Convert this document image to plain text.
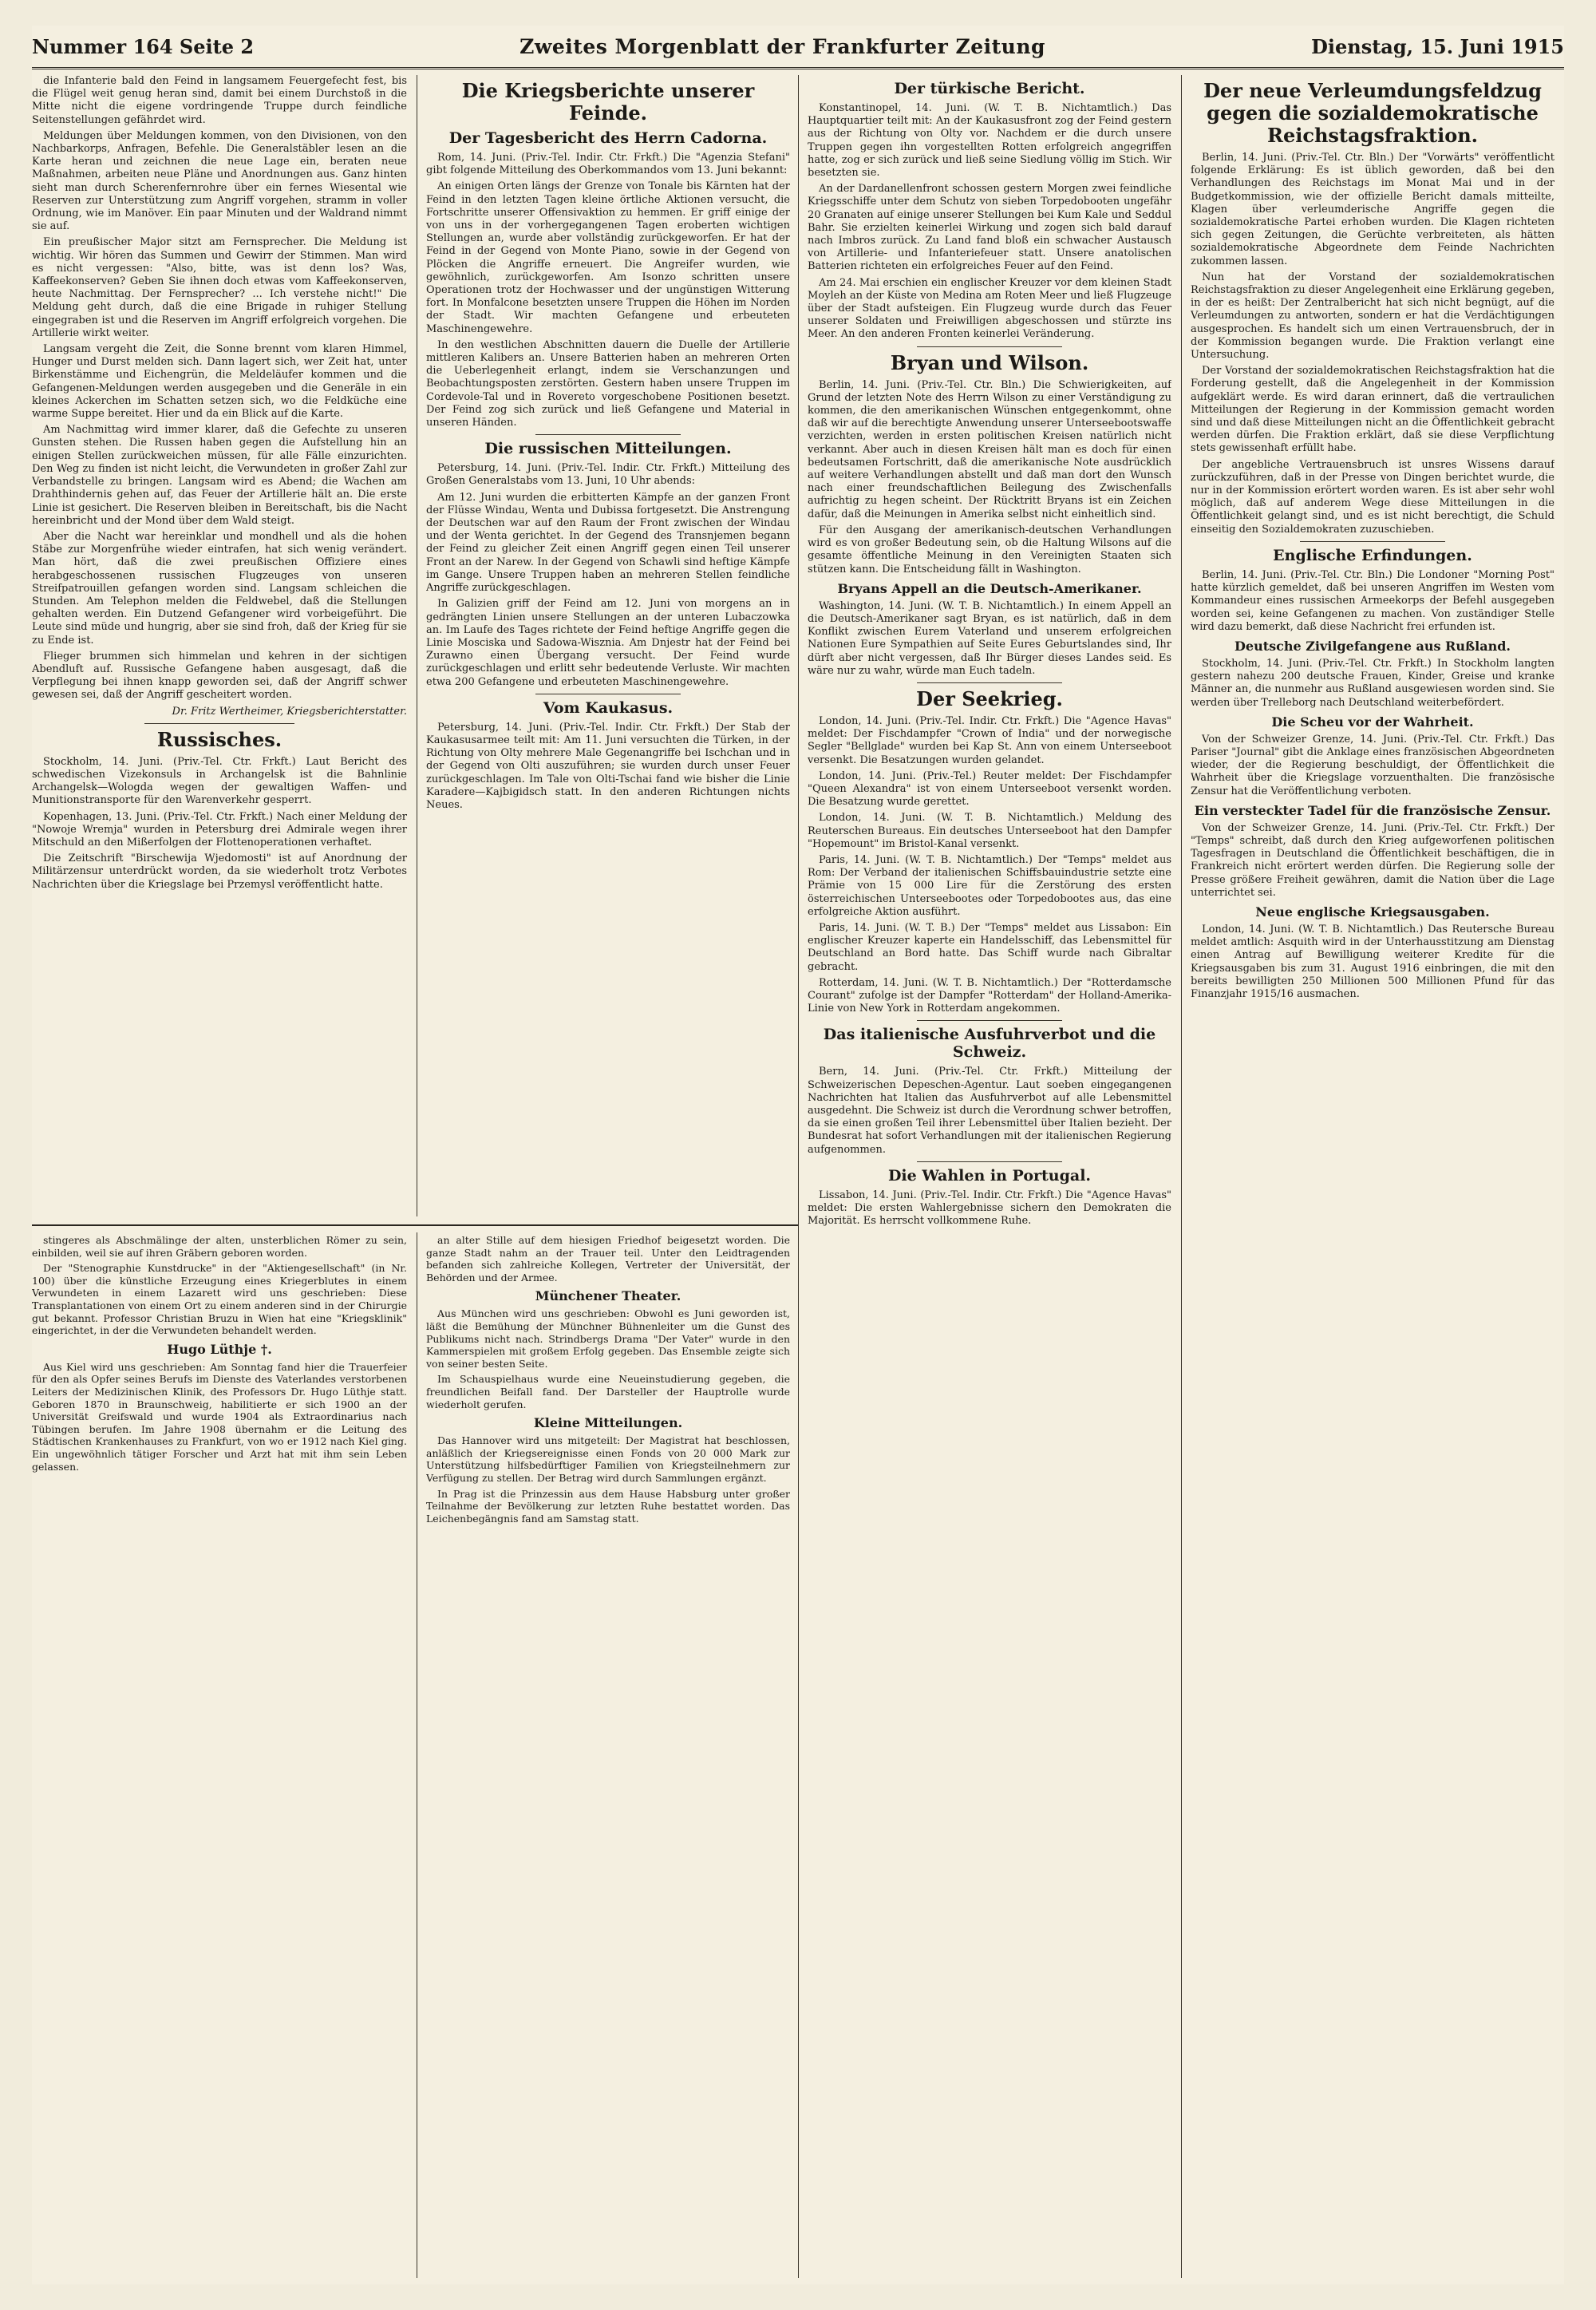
Nummer 164 Seite 2	Zweites Morgenblatt der Frankfurter Zeitung	Dienstag, 15. Juni 1915

die Infanterie bald den Feind in langsamem Feuergefecht fest, bis die Flügel weit genug heran sind, damit bei einem Durchstoß in die Mitte nicht die eigene vordringende Truppe durch feindliche Seitenstellungen gefährdet wird.

Meldungen über Meldungen kommen, von den Divisionen, von den Nachbarkorps, Anfragen, Befehle. Die Generalstäbler lesen an die Karte heran und zeichnen die neue Lage ein, beraten neue Maßnahmen, arbeiten neue Pläne und Anordnungen aus. Ganz hinten sieht man durch Scherenfernrohre über ein fernes Wiesental wie Reserven zur Unterstützung zum Angriff vorgehen, stramm in voller Ordnung, wie im Manöver. Ein paar Minuten und der Waldrand nimmt sie auf.

Ein preußischer Major sitzt am Fernsprecher. Die Meldung ist wichtig. Wir hören das Summen und Gewirr der Stimmen. Man wird es nicht vergessen: "Also, bitte, was ist denn los? Was, Kaffeekonserven? Geben Sie ihnen doch etwas vom Kaffeekonserven, heute Nachmittag. Der Fernsprecher? ... Ich verstehe nicht!" Die Meldung geht durch, daß die eine Brigade in ruhiger Stellung eingegraben ist und die Reserven im Angriff erfolgreich vorgehen. Die Artillerie wirkt weiter.

Langsam vergeht die Zeit, die Sonne brennt vom klaren Himmel, Hunger und Durst melden sich. Dann lagert sich, wer Zeit hat, unter Birkenstämme und Eichengrün, die Meldeläufer kommen und die Gefangenen-Meldungen werden ausgegeben und die Generäle in ein kleines Ackerchen im Schatten setzen sich, wo die Feldküche eine warme Suppe bereitet. Hier und da ein Blick auf die Karte.

Am Nachmittag wird immer klarer, daß die Gefechte zu unseren Gunsten stehen. Die Russen haben gegen die Aufstellung hin an einigen Stellen zurückweichen müssen, für alle Fälle einzurichten. Den Weg zu finden ist nicht leicht, die Verwundeten in großer Zahl zur Verbandstelle zu bringen. Langsam wird es Abend; die Wachen am Drahthindernis gehen auf, das Feuer der Artillerie hält an. Die erste Linie ist gesichert. Die Reserven bleiben in Bereitschaft, bis die Nacht hereinbricht und der Mond über dem Wald steigt.

Aber die Nacht war hereinklar und mondhell und als die hohen Stäbe zur Morgenfrühe wieder eintrafen, hat sich wenig verändert. Man hört, daß die zwei preußischen Offiziere eines herabgeschossenen russischen Flugzeuges von unseren Streifpatrouillen gefangen worden sind. Langsam schleichen die Stunden. Am Telephon melden die Feldwebel, daß die Stellungen gehalten werden. Ein Dutzend Gefangener wird vorbeigeführt. Die Leute sind müde und hungrig, aber sie sind froh, daß der Krieg für sie zu Ende ist.

Flieger brummen sich himmelan und kehren in der sichtigen Abendluft auf. Russische Gefangene haben ausgesagt, daß die Verpflegung bei ihnen knapp geworden sei, daß der Angriff schwer gewesen sei, daß der Angriff gescheitert worden.

Dr. Fritz Wertheimer, Kriegsberichterstatter.

Russisches.

Stockholm, 14. Juni. (Priv.-Tel. Ctr. Frkft.) Laut Bericht des schwedischen Vizekonsuls in Archangelsk ist die Bahnlinie Archangelsk—Wologda wegen der gewaltigen Waffen- und Munitionstransporte für den Warenverkehr gesperrt.

Kopenhagen, 13. Juni. (Priv.-Tel. Ctr. Frkft.) Nach einer Meldung der "Nowoje Wremja" wurden in Petersburg drei Admirale wegen ihrer Mitschuld an den Mißerfolgen der Flottenoperationen verhaftet.

Die Zeitschrift "Birschewija Wjedomosti" ist auf Anordnung der Militärzensur unterdrückt worden, da sie wiederholt trotz Verbotes Nachrichten über die Kriegslage bei Przemysl veröffentlicht hatte.

Die Kriegsberichte unserer Feinde.
Der Tagesbericht des Herrn Cadorna.

Rom, 14. Juni. (Priv.-Tel. Indir. Ctr. Frkft.) Die "Agenzia Stefani" gibt folgende Mitteilung des Oberkommandos vom 13. Juni bekannt:

An einigen Orten längs der Grenze von Tonale bis Kärnten hat der Feind in den letzten Tagen kleine örtliche Aktionen versucht, die Fortschritte unserer Offensivaktion zu hemmen. Er griff einige der von uns in der vorhergegangenen Tagen eroberten wichtigen Stellungen an, wurde aber vollständig zurückgeworfen. Er hat der Feind in der Gegend von Monte Piano, sowie in der Gegend von Plöcken die Angriffe erneuert. Die Angreifer wurden, wie gewöhnlich, zurückgeworfen. Am Isonzo schritten unsere Operationen trotz der Hochwasser und der ungünstigen Witterung fort. In Monfalcone besetzten unsere Truppen die Höhen im Norden der Stadt. Wir machten Gefangene und erbeuteten Maschinengewehre.

In den westlichen Abschnitten dauern die Duelle der Artillerie mittleren Kalibers an. Unsere Batterien haben an mehreren Orten die Ueberlegenheit erlangt, indem sie Verschanzungen und Beobachtungsposten zerstörten. Gestern haben unsere Truppen im Cordevole-Tal und in Rovereto vorgeschobene Positionen besetzt. Der Feind zog sich zurück und ließ Gefangene und Material in unseren Händen.

Die russischen Mitteilungen.

Petersburg, 14. Juni. (Priv.-Tel. Indir. Ctr. Frkft.) Mitteilung des Großen Generalstabs vom 13. Juni, 10 Uhr abends:

Am 12. Juni wurden die erbitterten Kämpfe an der ganzen Front der Flüsse Windau, Wenta und Dubissa fortgesetzt. Die Anstrengung der Deutschen war auf den Raum der Front zwischen der Windau und der Wenta gerichtet. In der Gegend des Transnjemen begann der Feind zu gleicher Zeit einen Angriff gegen einen Teil unserer Front an der Narew. In der Gegend von Schawli sind heftige Kämpfe im Gange. Unsere Truppen haben an mehreren Stellen feindliche Angriffe zurückgeschlagen.

In Galizien griff der Feind am 12. Juni von morgens an in gedrängten Linien unsere Stellungen an der unteren Lubaczowka an. Im Laufe des Tages richtete der Feind heftige Angriffe gegen die Linie Mosciska und Sadowa-Wisznia. Am Dnjestr hat der Feind bei Zurawno einen Übergang versucht. Der Feind wurde zurückgeschlagen und erlitt sehr bedeutende Verluste. Wir machten etwa 200 Gefangene und erbeuteten Maschinengewehre.

Vom Kaukasus.

Petersburg, 14. Juni. (Priv.-Tel. Indir. Ctr. Frkft.) Der Stab der Kaukasusarmee teilt mit: Am 11. Juni versuchten die Türken, in der Richtung von Olty mehrere Male Gegenangriffe bei Ischchan und in der Gegend von Olti auszuführen; sie wurden durch unser Feuer zurückgeschlagen. Im Tale von Olti-Tschai fand wie bisher die Linie Karadere—Kajbigidsch statt. In den anderen Richtungen nichts Neues.

Der türkische Bericht.

Konstantinopel, 14. Juni. (W. T. B. Nichtamtlich.) Das Hauptquartier teilt mit: An der Kaukasusfront zog der Feind gestern aus der Richtung von Olty vor. Nachdem er die durch unsere Truppen gegen ihn vorgestellten Rotten erfolgreich angegriffen hatte, zog er sich zurück und ließ seine Siedlung völlig im Stich. Wir besetzten sie.

An der Dardanellenfront schossen gestern Morgen zwei feindliche Kriegsschiffe unter dem Schutz von sieben Torpedobooten ungefähr 20 Granaten auf einige unserer Stellungen bei Kum Kale und Seddul Bahr. Sie erzielten keinerlei Wirkung und zogen sich bald darauf nach Imbros zurück. Zu Land fand bloß ein schwacher Austausch von Artillerie- und Infanteriefeuer statt. Unsere anatolischen Batterien richteten ein erfolgreiches Feuer auf den Feind.

Am 24. Mai erschien ein englischer Kreuzer vor dem kleinen Stadt Moyleh an der Küste von Medina am Roten Meer und ließ Flugzeuge über der Stadt aufsteigen. Ein Flugzeug wurde durch das Feuer unserer Soldaten und Freiwilligen abgeschossen und stürzte ins Meer. An den anderen Fronten keinerlei Veränderung.

Bryan und Wilson.

Berlin, 14. Juni. (Priv.-Tel. Ctr. Bln.) Die Schwierigkeiten, auf Grund der letzten Note des Herrn Wilson zu einer Verständigung zu kommen, die den amerikanischen Wünschen entgegenkommt, ohne daß wir auf die berechtigte Anwendung unserer Unterseebootswaffe verzichten, werden in ersten politischen Kreisen natürlich nicht verkannt. Aber auch in diesen Kreisen hält man es doch für einen bedeutsamen Fortschritt, daß die amerikanische Note ausdrücklich auf weitere Verhandlungen abstellt und daß man dort den Wunsch nach einer freundschaftlichen Beilegung des Zwischenfalls aufrichtig zu hegen scheint. Der Rücktritt Bryans ist ein Zeichen dafür, daß die Meinungen in Amerika selbst nicht einheitlich sind.

Für den Ausgang der amerikanisch-deutschen Verhandlungen wird es von großer Bedeutung sein, ob die Haltung Wilsons auf die gesamte öffentliche Meinung in den Vereinigten Staaten sich stützen kann. Die Entscheidung fällt in Washington.

Bryans Appell an die Deutsch-Amerikaner.

Washington, 14. Juni. (W. T. B. Nichtamtlich.) In einem Appell an die Deutsch-Amerikaner sagt Bryan, es ist natürlich, daß in dem Konflikt zwischen Eurem Vaterland und unserem erfolgreichen Nationen Eure Sympathien auf Seite Eures Geburtslandes sind, Ihr dürft aber nicht vergessen, daß Ihr Bürger dieses Landes seid. Es wäre nur zu wahr, würde man Euch tadeln.

Der Seekrieg.

London, 14. Juni. (Priv.-Tel. Indir. Ctr. Frkft.) Die "Agence Havas" meldet: Der Fischdampfer "Crown of India" und der norwegische Segler "Bellglade" wurden bei Kap St. Ann von einem Unterseeboot versenkt. Die Besatzungen wurden gelandet.

London, 14. Juni. (Priv.-Tel.) Reuter meldet: Der Fischdampfer "Queen Alexandra" ist von einem Unterseeboot versenkt worden. Die Besatzung wurde gerettet.

London, 14. Juni. (W. T. B. Nichtamtlich.) Meldung des Reuterschen Bureaus. Ein deutsches Unterseeboot hat den Dampfer "Hopemount" im Bristol-Kanal versenkt.

Paris, 14. Juni. (W. T. B. Nichtamtlich.) Der "Temps" meldet aus Rom: Der Verband der italienischen Schiffsbauindustrie setzte eine Prämie von 15 000 Lire für die Zerstörung des ersten österreichischen Unterseebootes oder Torpedobootes aus, das eine erfolgreiche Aktion ausführt.

Paris, 14. Juni. (W. T. B.) Der "Temps" meldet aus Lissabon: Ein englischer Kreuzer kaperte ein Handelsschiff, das Lebensmittel für Deutschland an Bord hatte. Das Schiff wurde nach Gibraltar gebracht.

Rotterdam, 14. Juni. (W. T. B. Nichtamtlich.) Der "Rotterdamsche Courant" zufolge ist der Dampfer "Rotterdam" der Holland-Amerika-Linie von New York in Rotterdam angekommen.

Das italienische Ausfuhrverbot und die Schweiz.

Bern, 14. Juni. (Priv.-Tel. Ctr. Frkft.) Mitteilung der Schweizerischen Depeschen-Agentur. Laut soeben eingegangenen Nachrichten hat Italien das Ausfuhrverbot auf alle Lebensmittel ausgedehnt. Die Schweiz ist durch die Verordnung schwer betroffen, da sie einen großen Teil ihrer Lebensmittel über Italien bezieht. Der Bundesrat hat sofort Verhandlungen mit der italienischen Regierung aufgenommen.

Die Wahlen in Portugal.

Lissabon, 14. Juni. (Priv.-Tel. Indir. Ctr. Frkft.) Die "Agence Havas" meldet: Die ersten Wahlergebnisse sichern den Demokraten die Majorität. Es herrscht vollkommene Ruhe.

Der neue Verleumdungsfeldzug gegen die sozialdemokratische Reichstagsfraktion.

Berlin, 14. Juni. (Priv.-Tel. Ctr. Bln.) Der "Vorwärts" veröffentlicht folgende Erklärung: Es ist üblich geworden, daß bei den Verhandlungen des Reichstags im Monat Mai und in der Budgetkommission, wie der offizielle Bericht damals mitteilte, Klagen über verleumderische Angriffe gegen die sozialdemokratische Partei erhoben wurden. Die Klagen richteten sich gegen Zeitungen, die Gerüchte verbreiteten, als hätten sozialdemokratische Abgeordnete dem Feinde Nachrichten zukommen lassen.

Nun hat der Vorstand der sozialdemokratischen Reichstagsfraktion zu dieser Angelegenheit eine Erklärung gegeben, in der es heißt: Der Zentralbericht hat sich nicht begnügt, auf die Verleumdungen zu antworten, sondern er hat die Verdächtigungen ausgesprochen. Es handelt sich um einen Vertrauensbruch, der in der Kommission begangen wurde. Die Fraktion verlangt eine Untersuchung.

Der Vorstand der sozialdemokratischen Reichstagsfraktion hat die Forderung gestellt, daß die Angelegenheit in der Kommission aufgeklärt werde. Es wird daran erinnert, daß die vertraulichen Mitteilungen der Regierung in der Kommission gemacht worden sind und daß diese Mitteilungen nicht an die Öffentlichkeit gebracht werden dürfen. Die Fraktion erklärt, daß sie diese Verpflichtung stets gewissenhaft erfüllt habe.

Der angebliche Vertrauensbruch ist unsres Wissens darauf zurückzuführen, daß in der Presse von Dingen berichtet wurde, die nur in der Kommission erörtert worden waren. Es ist aber sehr wohl möglich, daß auf anderem Wege diese Mitteilungen in die Öffentlichkeit gelangt sind, und es ist nicht berechtigt, die Schuld einseitig den Sozialdemokraten zuzuschieben.

Englische Erfindungen.

Berlin, 14. Juni. (Priv.-Tel. Ctr. Bln.) Die Londoner "Morning Post" hatte kürzlich gemeldet, daß bei unseren Angriffen im Westen vom Kommandeur eines russischen Armeekorps der Befehl ausgegeben worden sei, keine Gefangenen zu machen. Von zuständiger Stelle wird dazu bemerkt, daß diese Nachricht frei erfunden ist.

Deutsche Zivilgefangene aus Rußland.

Stockholm, 14. Juni. (Priv.-Tel. Ctr. Frkft.) In Stockholm langten gestern nahezu 200 deutsche Frauen, Kinder, Greise und kranke Männer an, die nunmehr aus Rußland ausgewiesen worden sind. Sie werden über Trelleborg nach Deutschland weiterbefördert.

Die Scheu vor der Wahrheit.

Von der Schweizer Grenze, 14. Juni. (Priv.-Tel. Ctr. Frkft.) Das Pariser "Journal" gibt die Anklage eines französischen Abgeordneten wieder, der die Regierung beschuldigt, der Öffentlichkeit die Wahrheit über die Kriegslage vorzuenthalten. Die französische Zensur hat die Veröffentlichung verboten.

Ein versteckter Tadel für die französische Zensur.

Von der Schweizer Grenze, 14. Juni. (Priv.-Tel. Ctr. Frkft.) Der "Temps" schreibt, daß durch den Krieg aufgeworfenen politischen Tagesfragen in Deutschland die Öffentlichkeit beschäftigen, die in Frankreich nicht erörtert werden dürfen. Die Regierung solle der Presse größere Freiheit gewähren, damit die Nation über die Lage unterrichtet sei.

Neue englische Kriegsausgaben.

London, 14. Juni. (W. T. B. Nichtamtlich.) Das Reutersche Bureau meldet amtlich: Asquith wird in der Unterhausstitzung am Dienstag einen Antrag auf Bewilligung weiterer Kredite für die Kriegsausgaben bis zum 31. August 1916 einbringen, die mit den bereits bewilligten 250 Millionen 500 Millionen Pfund für das Finanzjahr 1915/16 ausmachen.

stingeres als Abschmälinge der alten, unsterblichen Römer zu sein, einbilden, weil sie auf ihren Gräbern geboren worden.

Der "Stenographie Kunstdrucke" in der "Aktiengesellschaft" (in Nr. 100) über die künstliche Erzeugung eines Kriegerblutes in einem Verwundeten in einem Lazarett wird uns geschrieben: Diese Transplantationen von einem Ort zu einem anderen sind in der Chirurgie gut bekannt. Professor Christian Bruzu in Wien hat eine "Kriegsklinik" eingerichtet, in der die Verwundeten behandelt werden.

Hugo Lüthje †.

Aus Kiel wird uns geschrieben: Am Sonntag fand hier die Trauerfeier für den als Opfer seines Berufs im Dienste des Vaterlandes verstorbenen Leiters der Medizinischen Klinik, des Professors Dr. Hugo Lüthje statt. Geboren 1870 in Braunschweig, habilitierte er sich 1900 an der Universität Greifswald und wurde 1904 als Extraordinarius nach Tübingen berufen. Im Jahre 1908 übernahm er die Leitung des Städtischen Krankenhauses zu Frankfurt, von wo er 1912 nach Kiel ging. Ein ungewöhnlich tätiger Forscher und Arzt hat mit ihm sein Leben gelassen.

an alter Stille auf dem hiesigen Friedhof beigesetzt worden. Die ganze Stadt nahm an der Trauer teil. Unter den Leidtragenden befanden sich zahlreiche Kollegen, Vertreter der Universität, der Behörden und der Armee.

Münchener Theater.

Aus München wird uns geschrieben: Obwohl es Juni geworden ist, läßt die Bemühung der Münchner Bühnenleiter um die Gunst des Publikums nicht nach. Strindbergs Drama "Der Vater" wurde in den Kammerspielen mit großem Erfolg gegeben. Das Ensemble zeigte sich von seiner besten Seite.

Im Schauspielhaus wurde eine Neueinstudierung gegeben, die freundlichen Beifall fand. Der Darsteller der Hauptrolle wurde wiederholt gerufen.

Kleine Mitteilungen.

Das Hannover wird uns mitgeteilt: Der Magistrat hat beschlossen, anläßlich der Kriegsereignisse einen Fonds von 20 000 Mark zur Unterstützung hilfsbedürftiger Familien von Kriegsteilnehmern zur Verfügung zu stellen. Der Betrag wird durch Sammlungen ergänzt.

In Prag ist die Prinzessin aus dem Hause Habsburg unter großer Teilnahme der Bevölkerung zur letzten Ruhe bestattet worden. Das Leichenbegängnis fand am Samstag statt.
